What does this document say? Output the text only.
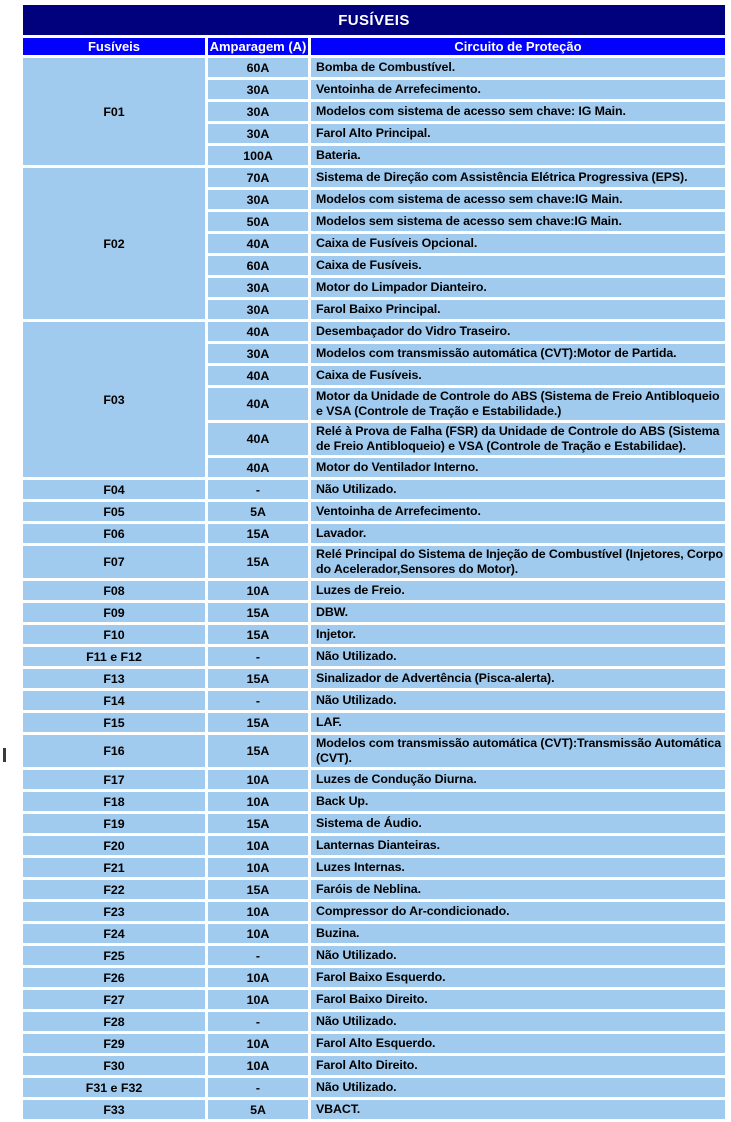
FUSÍVEIS		
Fusíveis	Amparagem (A)	Circuito de Proteção
F01	60A	Bomba de Combustível.
	30A	Ventoinha de Arrefecimento.
	30A	Modelos com sistema de acesso sem chave: IG Main.
	30A	Farol Alto Principal.
	100A	Bateria.
F02	70A	Sistema de Direção com Assistência Elétrica Progressiva (EPS).
	30A	Modelos com sistema de acesso sem chave:IG Main.
	50A	Modelos sem sistema de acesso sem chave:IG Main.
	40A	Caixa de Fusíveis Opcional.
	60A	Caixa de Fusíveis.
	30A	Motor do Limpador Dianteiro.
	30A	Farol Baixo Principal.
F03	40A	Desembaçador do Vidro Traseiro.
	30A	Modelos com transmissão automática (CVT):Motor de Partida.
	40A	Caixa de Fusíveis.
	40A	Motor da Unidade de Controle do ABS (Sistema de Freio Antibloqueio e VSA (Controle de Tração e Estabilidade.)
	40A	Relé à Prova de Falha (FSR) da Unidade de Controle do ABS (Sistema de Freio Antibloqueio) e VSA (Controle de Tração e Estabilidae).
	40A	Motor do Ventilador Interno.
F04	-	Não Utilizado.
F05	5A	Ventoinha de Arrefecimento.
F06	15A	Lavador.
F07	15A	Relé Principal do Sistema de Injeção de Combustível (Injetores, Corpo do Acelerador,Sensores do Motor).
F08	10A	Luzes de Freio.
F09	15A	DBW.
F10	15A	Injetor.
F11 e F12	-	Não Utilizado.
F13	15A	Sinalizador de Advertência (Pisca-alerta).
F14	-	Não Utilizado.
F15	15A	LAF.
F16	15A	Modelos com transmissão automática (CVT):Transmissão Automática (CVT).
F17	10A	Luzes de Condução Diurna.
F18	10A	Back Up.
F19	15A	Sistema de Áudio.
F20	10A	Lanternas Dianteiras.
F21	10A	Luzes Internas.
F22	15A	Faróis de Neblina.
F23	10A	Compressor do Ar-condicionado.
F24	10A	Buzina.
F25	-	Não Utilizado.
F26	10A	Farol Baixo Esquerdo.
F27	10A	Farol Baixo Direito.
F28	-	Não Utilizado.
F29	10A	Farol Alto Esquerdo.
F30	10A	Farol Alto Direito.
F31 e F32	-	Não Utilizado.
F33	5A	VBACT.
